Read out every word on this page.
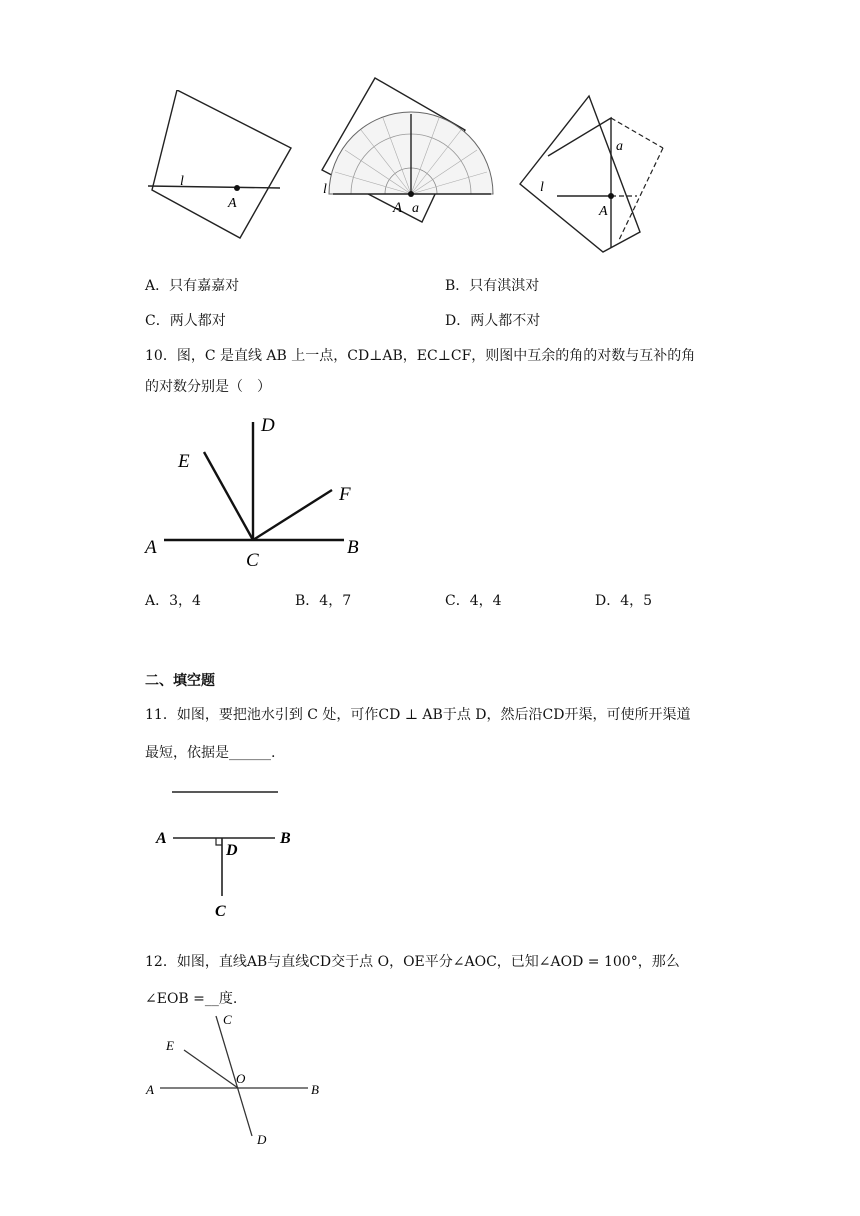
l
A
l
A a
l
A
a
A．只有嘉嘉对	B．只有淇淇对
C．两人都对	D．两人都不对
10．图，C 是直线 AB 上一点，CD⊥AB，EC⊥CF，则图中互余的角的对数与互补的角
的对数分别是（　）
A	B
C
D
E
F
A．3，4	B．4，7	C．4，4	D．4，5
二、填空题
11．如图，要把池水引到 C 处，可作CD ⊥ AB于点 D，然后沿CD开渠，可使所开渠道
最短，依据是______.
A	B
D
C
12．如图，直线AB与直线CD交于点 O，OE平分∠AOC，已知∠AOD = 100°，那么
∠EOB =__度.
A	B
C
D
E
O
